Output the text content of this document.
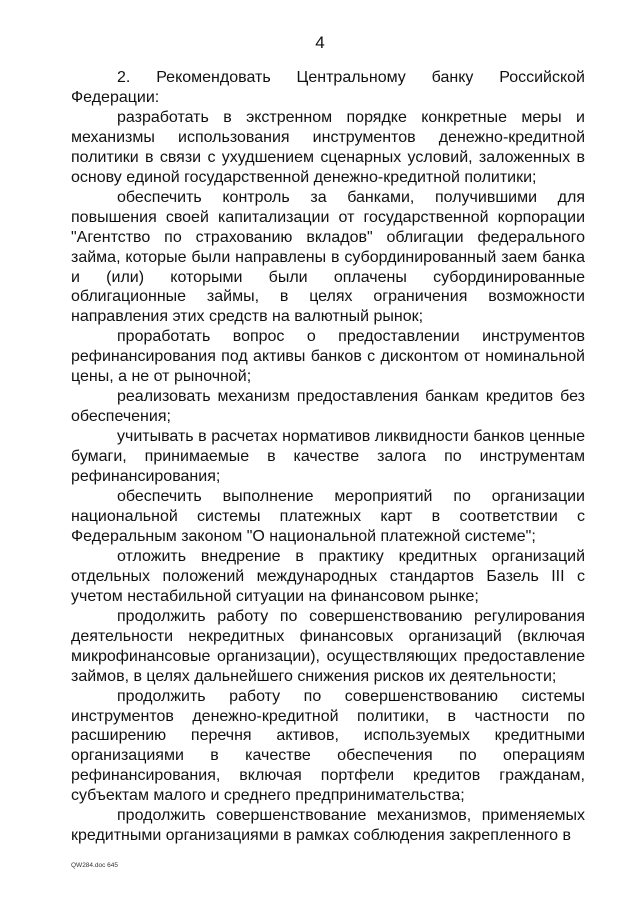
4

2. Рекомендовать Центральному банку Российской Федерации:

разработать в экстренном порядке конкретные меры и механизмы использования инструментов денежно-кредитной политики в связи с ухудшением сценарных условий, заложенных в основу единой государственной денежно-кредитной политики;

обеспечить контроль за банками, получившими для повышения своей капитализации от государственной корпорации "Агентство по страхованию вкладов" облигации федерального займа, которые были направлены в субординированный заем банка и (или) которыми были оплачены субординированные облигационные займы, в целях ограничения возможности направления этих средств на валютный рынок;

проработать вопрос о предоставлении инструментов рефинансирования под активы банков с дисконтом от номинальной цены, а не от рыночной;

реализовать механизм предоставления банкам кредитов без обеспечения;

учитывать в расчетах нормативов ликвидности банков ценные бумаги, принимаемые в качестве залога по инструментам рефинансирования;

обеспечить выполнение мероприятий по организации национальной системы платежных карт в соответствии с Федеральным законом "О национальной платежной системе";

отложить внедрение в практику кредитных организаций отдельных положений международных стандартов Базель III с учетом нестабильной ситуации на финансовом рынке;

продолжить работу по совершенствованию регулирования деятельности некредитных финансовых организаций (включая микрофинансовые организации), осуществляющих предоставление займов, в целях дальнейшего снижения рисков их деятельности;

продолжить работу по совершенствованию системы инструментов денежно-кредитной политики, в частности по расширению перечня активов, используемых кредитными организациями в качестве обеспечения по операциям рефинансирования, включая портфели кредитов гражданам, субъектам малого и среднего предпринимательства;

продолжить совершенствование механизмов, применяемых кредитными организациями в рамках соблюдения закрепленного в

QW284.doc 645
